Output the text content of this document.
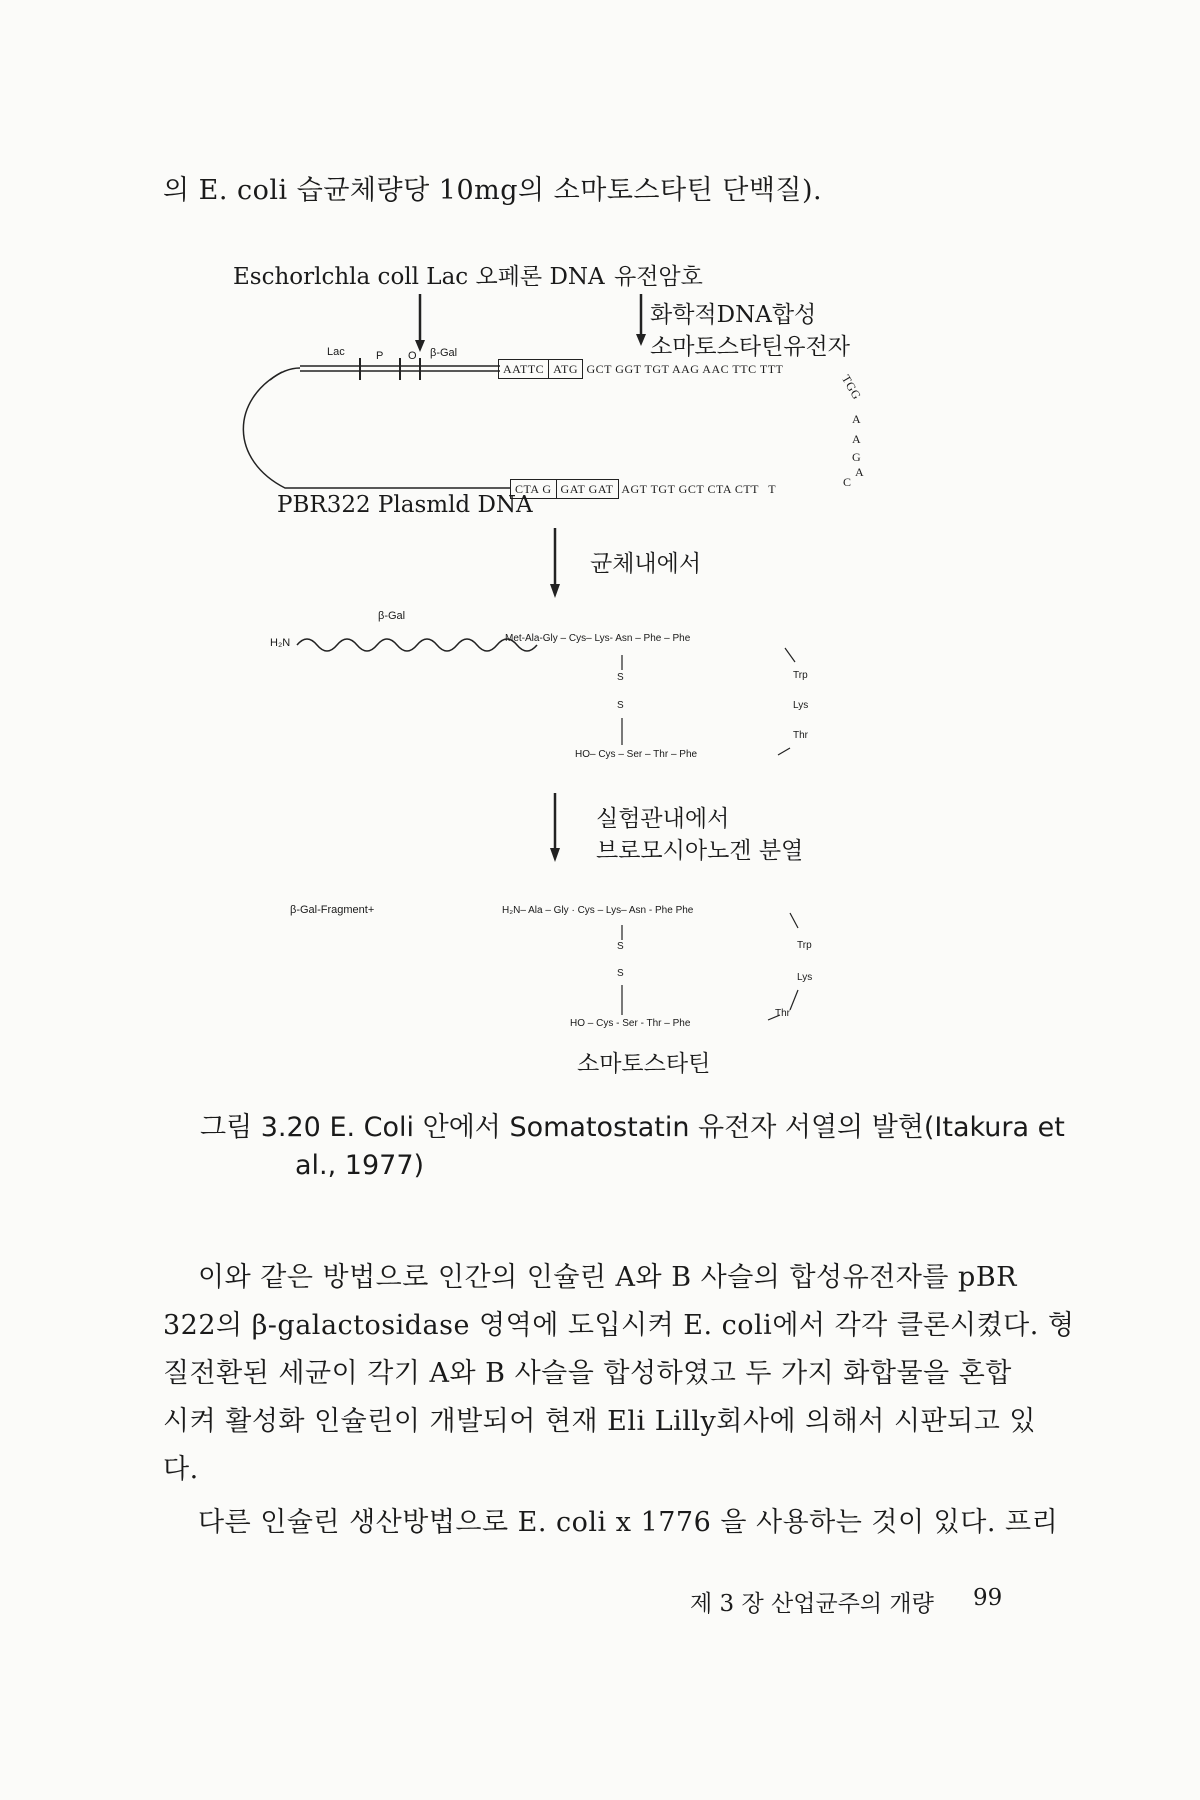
의 E. coli 습균체량당 10mg의 소마토스타틴 단백질).
Eschorlchla coll Lac 오페론 DNA 유전암호
화학적DNA합성
소마토스타틴유전자
Lac	P O β-Gal
AATTC ATG GCT GGT TGT AAG AAC TTC TTT
TGG
A
A
G
A
C
CTA G GAT GAT AGT TGT GCT CTA CTT T
PBR322 Plasmld DNA
균체내에서
β-Gal
H₂N	Met-Ala-Gly – Cys– Lys- Asn – Phe – Phe
S
S
Trp
Lys
Thr
HO– Cys – Ser – Thr – Phe
실험관내에서
브로모시아노겐 분열
β-Gal-Fragment+	H₂N– Ala – Gly · Cys – Lys– Asn - Phe Phe
S
S
Trp
Lys
Thr
HO – Cys - Ser - Thr – Phe
소마토스타틴
그림 3.20 E. Coli 안에서 Somatostatin 유전자 서열의 발현(Itakura et
al., 1977)
이와 같은 방법으로 인간의 인슐린 A와 B 사슬의 합성유전자를 pBR
322의 β-galactosidase 영역에 도입시켜 E. coli에서 각각 클론시켰다. 형
질전환된 세균이 각기 A와 B 사슬을 합성하였고 두 가지 화합물을 혼합
시켜 활성화 인슐린이 개발되어 현재 Eli Lilly회사에 의해서 시판되고 있
다.
다른 인슐린 생산방법으로 E. coli x 1776 을 사용하는 것이 있다. 프리
제 3 장 산업균주의 개량 99
